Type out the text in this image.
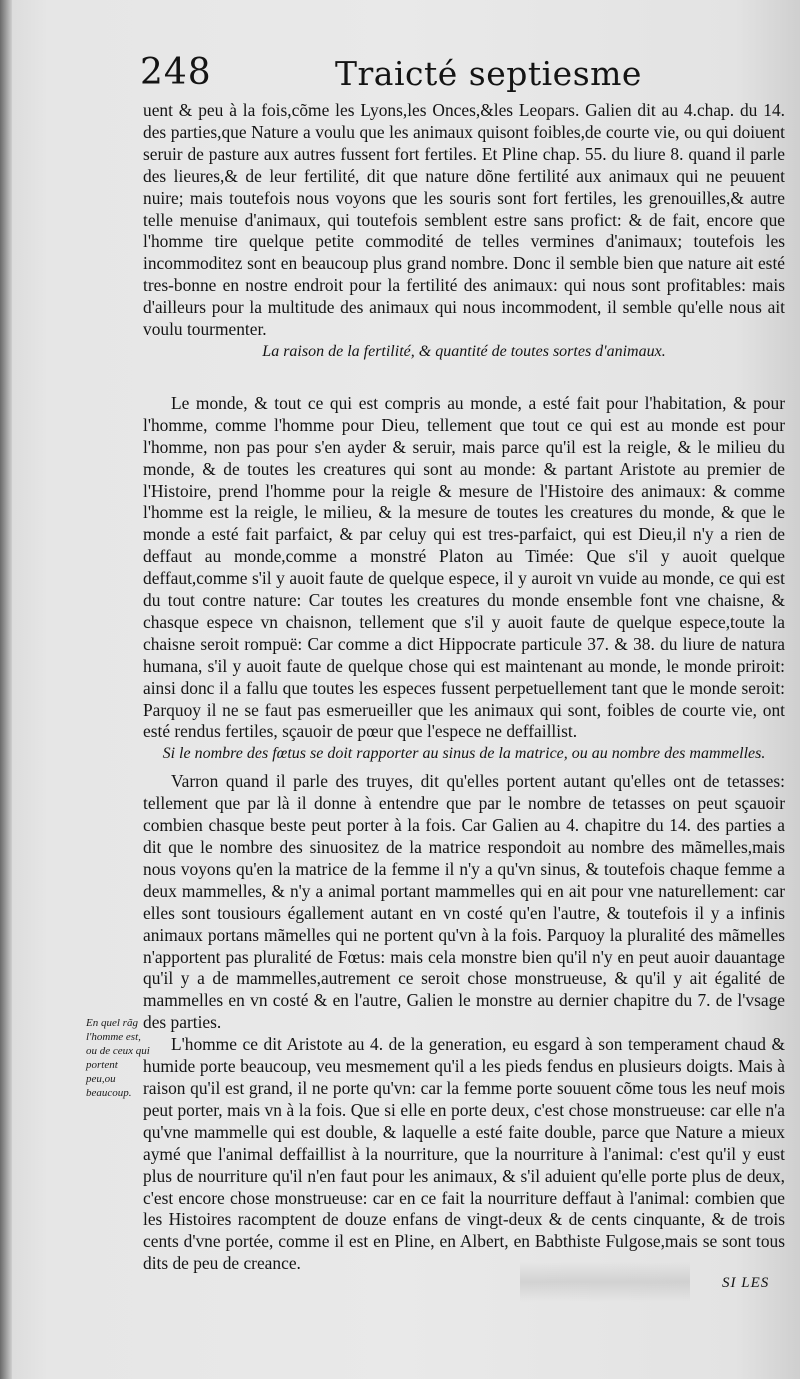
248	Traicté septiesme

uent & peu à la fois,cõme les Lyons,les Onces,&les Leopars. Galien dit au 4.chap. du 14. des parties,que Nature a voulu que les animaux quisont foibles,de courte vie, ou qui doiuent seruir de pasture aux autres fussent fort fertiles. Et Pline chap. 55. du liure 8. quand il parle des lieures,& de leur fertilité, dit que nature dõne fertilité aux animaux qui ne peuuent nuire; mais toutefois nous voyons que les souris sont fort fertiles, les grenouilles,& autre telle menuise d'animaux, qui toutefois semblent estre sans profict: & de fait, encore que l'homme tire quelque petite commodité de telles vermines d'animaux; toutefois les incommoditez sont en beaucoup plus grand nombre. Donc il semble bien que nature ait esté tres-bonne en nostre endroit pour la fertilité des animaux: qui nous sont profitables: mais d'ailleurs pour la multitude des animaux qui nous incommodent, il semble qu'elle nous ait voulu tourmenter.

La raison de la fertilité, & quantité de toutes sortes d'animaux.

Le monde, & tout ce qui est compris au monde, a esté fait pour l'habitation, & pour l'homme, comme l'homme pour Dieu, tellement que tout ce qui est au monde est pour l'homme, non pas pour s'en ayder & seruir, mais parce qu'il est la reigle, & le milieu du monde, & de toutes les creatures qui sont au monde: & partant Aristote au premier de l'Histoire, prend l'homme pour la reigle & mesure de l'Histoire des animaux: & comme l'homme est la reigle, le milieu, & la mesure de toutes les creatures du monde, & que le monde a esté fait parfaict, & par celuy qui est tres-parfaict, qui est Dieu,il n'y a rien de deffaut au monde,comme a monstré Platon au Timée: Que s'il y auoit quelque deffaut,comme s'il y auoit faute de quelque espece, il y auroit vn vuide au monde, ce qui est du tout contre nature: Car toutes les creatures du monde ensemble font vne chaisne, & chasque espece vn chaisnon, tellement que s'il y auoit faute de quelque espece,toute la chaisne seroit rompuë: Car comme a dict Hippocrate particule 37. & 38. du liure de natura humana, s'il y auoit faute de quelque chose qui est maintenant au monde, le monde priroit: ainsi donc il a fallu que toutes les especes fussent perpetuellement tant que le monde seroit: Parquoy il ne se faut pas esmerueiller que les animaux qui sont, foibles de courte vie, ont esté rendus fertiles, sçauoir de pœur que l'espece ne deffaillist.

Si le nombre des fœtus se doit rapporter au sinus de la matrice, ou au nombre des mammelles.

Varron quand il parle des truyes, dit qu'elles portent autant qu'elles ont de tetasses: tellement que par là il donne à entendre que par le nombre de tetasses on peut sçauoir combien chasque beste peut porter à la fois. Car Galien au 4. chapitre du 14. des parties a dit que le nombre des sinuositez de la matrice respondoit au nombre des mãmelles,mais nous voyons qu'en la matrice de la femme il n'y a qu'vn sinus, & toutefois chaque femme a deux mammelles, & n'y a animal portant mammelles qui en ait pour vne naturellement: car elles sont tousiours égallement autant en vn costé qu'en l'autre, & toutefois il y a infinis animaux portans mãmelles qui ne portent qu'vn à la fois. Parquoy la pluralité des mãmelles n'apportent pas pluralité de Fœtus: mais cela monstre bien qu'il n'y en peut auoir dauantage qu'il y a de mammelles,autrement ce seroit chose monstrueuse, & qu'il y ait égalité de mammelles en vn costé & en l'autre, Galien le monstre au dernier chapitre du 7. de l'vsage des parties.

L'homme ce dit Aristote au 4. de la generation, eu esgard à son temperament chaud & humide porte beaucoup, veu mesmement qu'il a les pieds fendus en plusieurs doigts. Mais à raison qu'il est grand, il ne porte qu'vn: car la femme porte souuent cõme tous les neuf mois peut porter, mais vn à la fois. Que si elle en porte deux, c'est chose monstrueuse: car elle n'a qu'vne mammelle qui est double, & laquelle a esté faite double, parce que Nature a mieux aymé que l'animal deffaillist à la nourriture, que la nourriture à l'animal: c'est qu'il y eust plus de nourriture qu'il n'en faut pour les animaux, & s'il aduient qu'elle porte plus de deux, c'est encore chose monstrueuse: car en ce fait la nourriture deffaut à l'animal: combien que les Histoires racomptent de douze enfans de vingt-deux & de cents cinquante, & de trois cents d'vne portée, comme il est en Pline, en Albert, en Babthiste Fulgose,mais se sont tous dits de peu de creance.

En quel rãg l'homme est, ou de ceux qui portent peu,ou beaucoup.
SI LES
